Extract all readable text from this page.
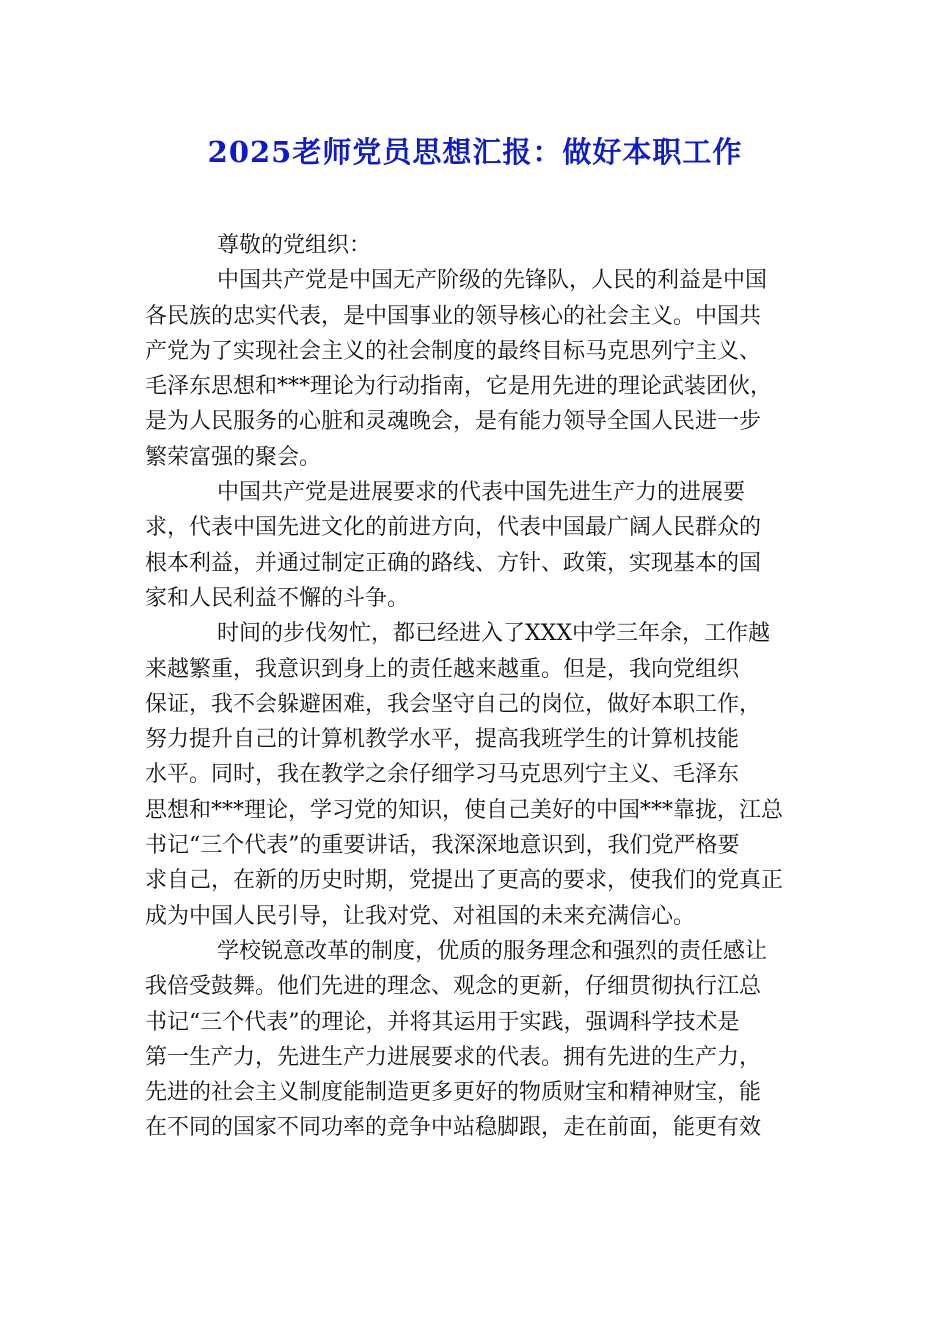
2025老师党员思想汇报：做好本职工作
尊敬的党组织：
中国共产党是中国无产阶级的先锋队，人民的利益是中国
各民族的忠实代表，是中国事业的领导核心的社会主义。中国共
产党为了实现社会主义的社会制度的最终目标马克思列宁主义、
毛泽东思想和***理论为行动指南，它是用先进的理论武装团伙，
是为人民服务的心脏和灵魂晚会，是有能力领导全国人民进一步
繁荣富强的聚会。
中国共产党是进展要求的代表中国先进生产力的进展要
求，代表中国先进文化的前进方向，代表中国最广阔人民群众的
根本利益，并通过制定正确的路线、方针、政策，实现基本的国
家和人民利益不懈的斗争。
时间的步伐匆忙，都已经进入了XXX中学三年余，工作越
来越繁重，我意识到身上的责任越来越重。但是，我向党组织
保证，我不会躲避困难，我会坚守自己的岗位，做好本职工作，
努力提升自己的计算机教学水平，提高我班学生的计算机技能
水平。同时，我在教学之余仔细学习马克思列宁主义、毛泽东
思想和***理论，学习党的知识，使自己美好的中国***靠拢，江总
书记“三个代表”的重要讲话，我深深地意识到，我们党严格要
求自己，在新的历史时期，党提出了更高的要求，使我们的党真正
成为中国人民引导，让我对党、对祖国的未来充满信心。
学校锐意改革的制度，优质的服务理念和强烈的责任感让
我倍受鼓舞。他们先进的理念、观念的更新，仔细贯彻执行江总
书记“三个代表”的理论，并将其运用于实践，强调科学技术是
第一生产力，先进生产力进展要求的代表。拥有先进的生产力，
先进的社会主义制度能制造更多更好的物质财宝和精神财宝，能
在不同的国家不同功率的竞争中站稳脚跟，走在前面，能更有效
